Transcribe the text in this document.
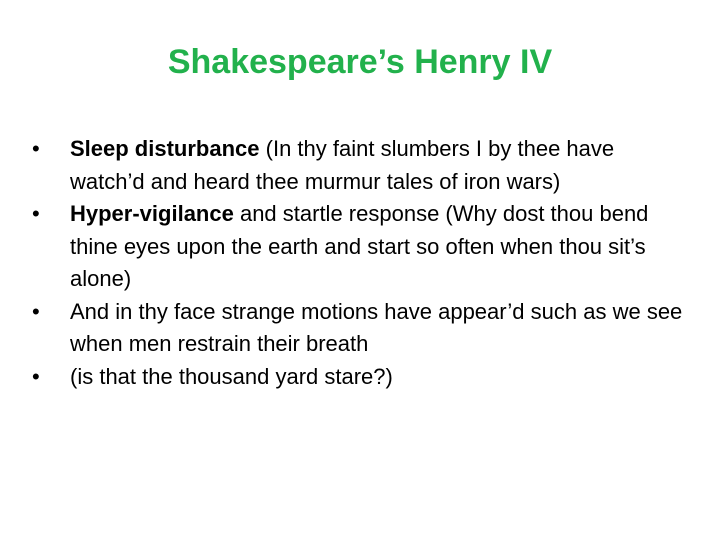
Shakespeare’s Henry IV
•	Sleep disturbance (In thy faint slumbers I by thee have watch’d and heard thee murmur tales of iron wars)
•	Hyper-vigilance and startle response (Why dost thou bend thine eyes upon the earth and start so often when thou sit’s alone)
•	And in thy face strange motions have appear’d such as we see when men restrain their breath
•	(is that the thousand yard stare?)
